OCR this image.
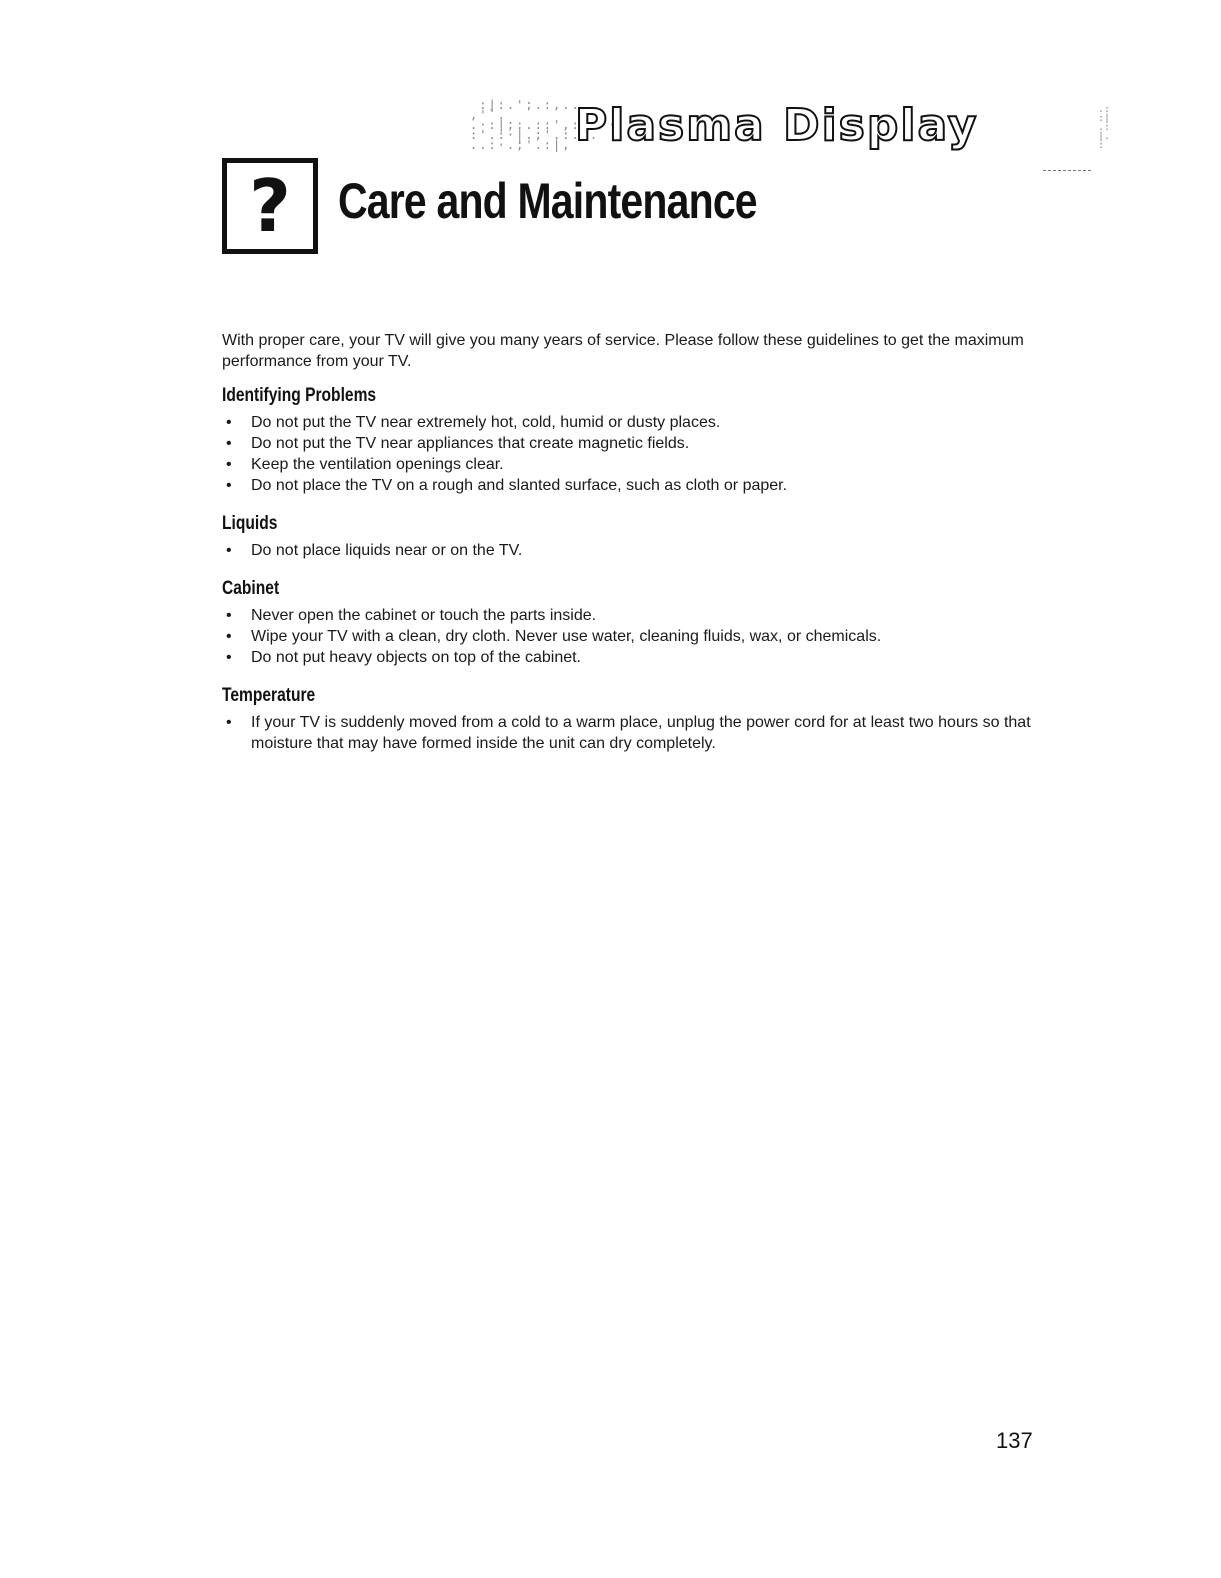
:|:.';.:,.. ,'`.
.·:|;:.::',:..'·
:'.:·|.;'.:.·.
..:·.;'.:|, Plasma Display	.:
:|
.:
|.
:
? Care and Maintenance

With proper care, your TV will give you many years of service. Please follow these guidelines to get the maximum performance from your TV.

Identifying Problems
• Do not put the TV near extremely hot, cold, humid or dusty places.
• Do not put the TV near appliances that create magnetic fields.
• Keep the ventilation openings clear.
• Do not place the TV on a rough and slanted surface, such as cloth or paper.
Liquids
• Do not place liquids near or on the TV.
Cabinet
• Never open the cabinet or touch the parts inside.
• Wipe your TV with a clean, dry cloth. Never use water, cleaning fluids, wax, or chemicals.
• Do not put heavy objects on top of the cabinet.
Temperature
• If your TV is suddenly moved from a cold to a warm place, unplug the power cord for at least two hours so that moisture that may have formed inside the unit can dry completely.
137
